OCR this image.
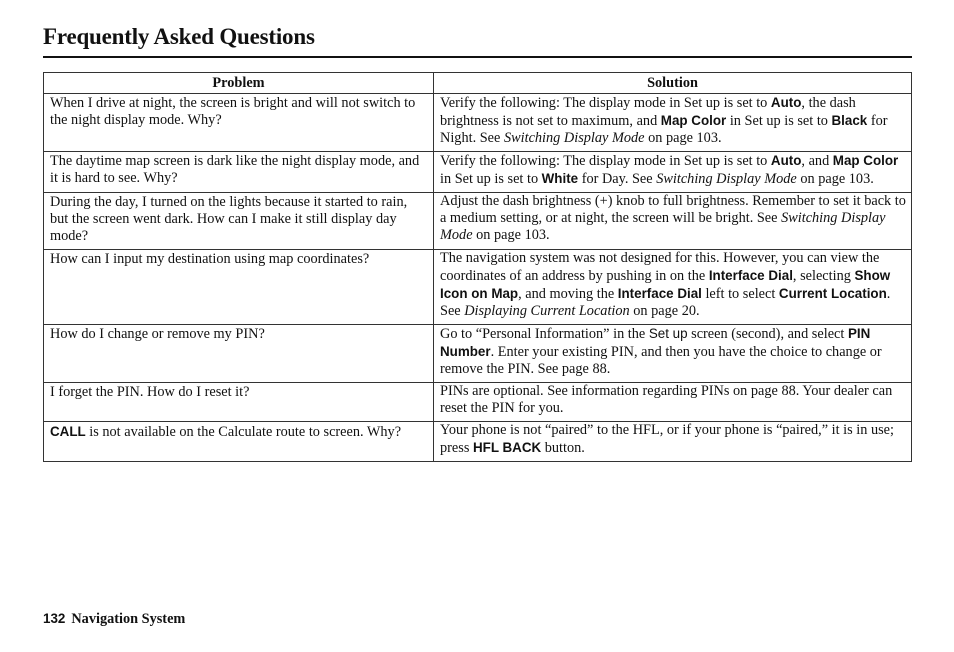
Frequently Asked Questions
Problem	Solution
When I drive at night, the screen is bright and will not switch to the night display mode. Why?	Verify the following: The display mode in Set up is set to Auto, the dash brightness is not set to maximum, and Map Color in Set up is set to Black for Night. See Switching Display Mode on page 103.
The daytime map screen is dark like the night display mode, and it is hard to see. Why?	Verify the following: The display mode in Set up is set to Auto, and Map Color in Set up is set to White for Day. See Switching Display Mode on page 103.
During the day, I turned on the lights because it started to rain, but the screen went dark. How can I make it still display day mode?	Adjust the dash brightness (+) knob to full brightness. Remember to set it back to a medium setting, or at night, the screen will be bright. See Switching Display Mode on page 103.
How can I input my destination using map coordinates?	The navigation system was not designed for this. However, you can view the coordinates of an address by pushing in on the Interface Dial, selecting Show Icon on Map, and moving the Interface Dial left to select Current Location. See Displaying Current Location on page 20.
How do I change or remove my PIN?	Go to “Personal Information” in the Set up screen (second), and select PIN Number. Enter your existing PIN, and then you have the choice to change or remove the PIN. See page 88.
I forget the PIN. How do I reset it?	PINs are optional. See information regarding PINs on page 88. Your dealer can reset the PIN for you.
CALL is not available on the Calculate route to screen. Why?	Your phone is not “paired” to the HFL, or if your phone is “paired,” it is in use; press HFL BACK button.
132 Navigation System
